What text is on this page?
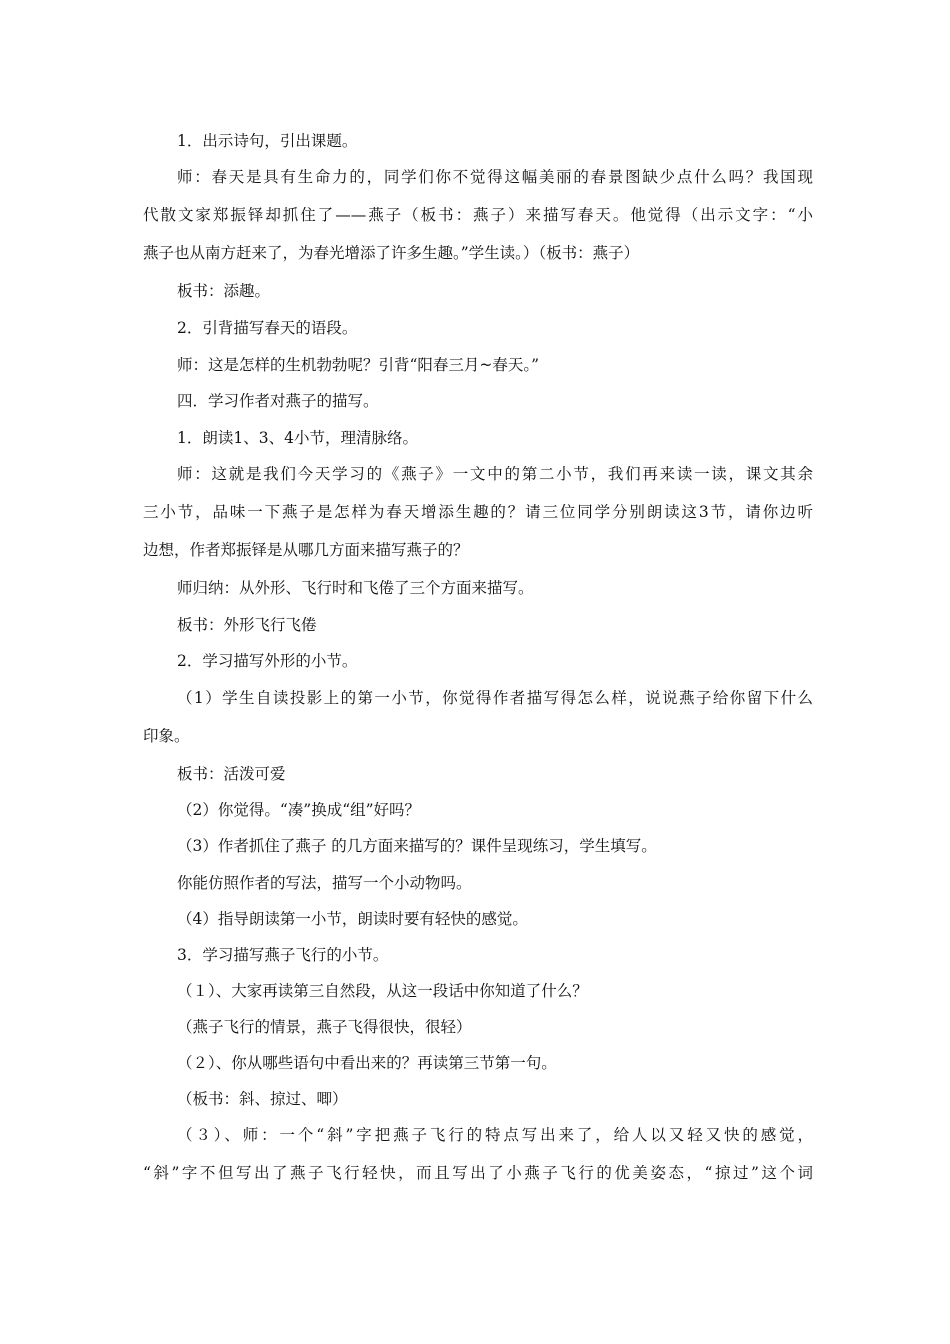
1．出示诗句，引出课题。
师：春天是具有生命力的，同学们你不觉得这幅美丽的春景图缺少点什么吗？我国现
代散文家郑振铎却抓住了——燕子（板书：燕子）来描写春天。他觉得（出示文字：“小
燕子也从南方赶来了，为春光增添了许多生趣。”学生读。）（板书：燕子）
板书：添趣。
2．引背描写春天的语段。
师：这是怎样的生机勃勃呢？引背“阳春三月~春天。”
四．学习作者对燕子的描写。
1．朗读1、3、4小节，理清脉络。
师：这就是我们今天学习的《燕子》一文中的第二小节，我们再来读一读，课文其余
三小节，品味一下燕子是怎样为春天增添生趣的？请三位同学分别朗读这3节，请你边听
边想，作者郑振铎是从哪几方面来描写燕子的？
师归纳：从外形、飞行时和飞倦了三个方面来描写。
板书：外形飞行飞倦
2．学习描写外形的小节。
（1）学生自读投影上的第一小节，你觉得作者描写得怎么样，说说燕子给你留下什么
印象。
板书：活泼可爱
（2）你觉得。“凑”换成“组”好吗？
（3）作者抓住了燕子 的几方面来描写的？课件呈现练习，学生填写。
你能仿照作者的写法，描写一个小动物吗。
（4）指导朗读第一小节，朗读时要有轻快的感觉。
3．学习描写燕子飞行的小节。
（１）、大家再读第三自然段，从这一段话中你知道了什么？
（燕子飞行的情景，燕子飞得很快，很轻）
（２）、你从哪些语句中看出来的？再读第三节第一句。
（板书：斜、掠过、唧）
（３）、师：一个“斜”字把燕子飞行的特点写出来了，给人以又轻又快的感觉，
“斜”字不但写出了燕子飞行轻快，而且写出了小燕子飞行的优美姿态，“掠过”这个词
